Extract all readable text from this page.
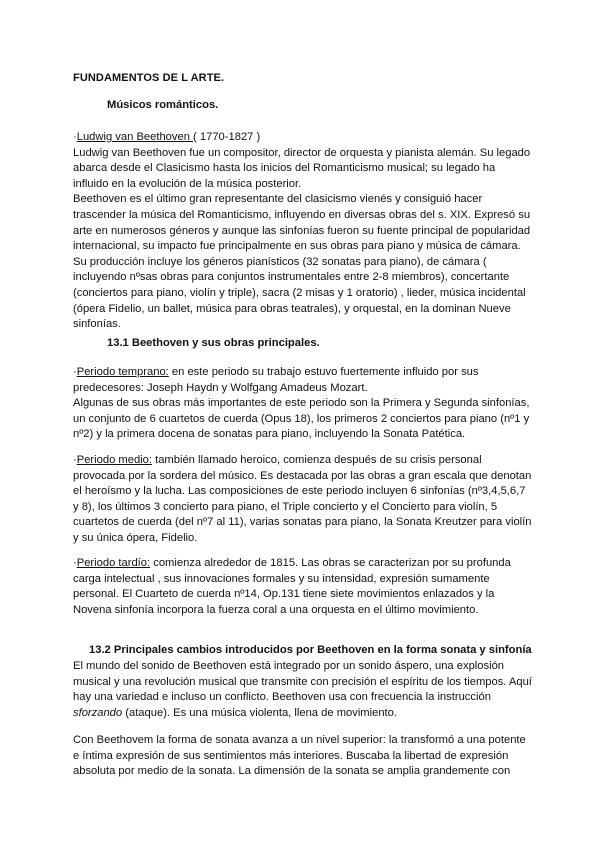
FUNDAMENTOS DE L ARTE.
Músicos románticos.

·Ludwig van Beethoven ( 1770-1827 )

Ludwig van Beethoven fue un compositor, director de orquesta y pianista alemán. Su legado abarca desde el Clasicismo hasta los inicios del Romanticismo musical; su legado ha influido en la evolución de la música posterior.

Beethoven es el último gran representante del clasicismo vienés y consiguió hacer trascender la música del Romanticismo, influyendo en diversas obras del s. XIX. Expresó su arte en numerosos géneros y aunque las sinfonías fueron su fuente principal de popularidad internacional, su impacto fue principalmente en sus obras para piano y música de cámara.

Su producción incluye los géneros pianísticos (32 sonatas para piano), de cámara ( incluyendo nºsas obras para conjuntos instrumentales entre 2-8 miembros), concertante (conciertos para piano, violín y triple), sacra (2 misas y 1 oratorio) , lieder, música incidental (ópera Fidelio, un ballet, música para obras teatrales), y orquestal, en la dominan Nueve sinfonías.

13.1 Beethoven y sus obras principales.

·Periodo temprano: en este periodo su trabajo estuvo fuertemente influido por sus predecesores: Joseph Haydn y Wolfgang Amadeus Mozart.

Algunas de sus obras más importantes de este periodo son la Primera y Segunda sinfonías, un conjunto de 6 cuartetos de cuerda (Opus 18), los primeros 2 conciertos para piano (nº1 y nº2) y la primera docena de sonatas para piano, incluyendo la Sonata Patética.

·Periodo medio: también llamado heroico, comienza después de su crisis personal provocada por la sordera del músico. Es destacada por las obras a gran escala que denotan el heroísmo y la lucha. Las composiciones de este periodo incluyen 6 sinfonías (nº3,4,5,6,7 y 8), los últimos 3 concierto para piano, el Triple concierto y el Concierto para violín, 5 cuartetos de cuerda (del nº7 al 11), varias sonatas para piano, la Sonata Kreutzer para violín y su única ópera, Fidelio.

·Periodo tardío: comienza alrededor de 1815. Las obras se caracterizan por su profunda carga intelectual , sus innovaciones formales y su intensidad, expresión sumamente personal. El Cuarteto de cuerda nº14, Op.131 tiene siete movimientos enlazados y la Novena sinfonía incorpora la fuerza coral a una orquesta en el último movimiento.

13.2 Principales cambios introducidos por Beethoven en la forma sonata y sinfonía

El mundo del sonido de Beethoven está integrado por un sonido áspero, una explosión musical y una revolución musical que transmite con precisión el espíritu de los tiempos. Aquí hay una variedad e incluso un conflicto. Beethoven usa con frecuencia la instrucción sforzando (ataque). Es una música violenta, llena de movimiento.

Con Beethovem la forma de sonata avanza a un nivel superior: la transformó a una potente e íntima expresión de sus sentimientos más interiores. Buscaba la libertad de expresión absoluta por medio de la sonata. La dimensión de la sonata se amplia grandemente con
